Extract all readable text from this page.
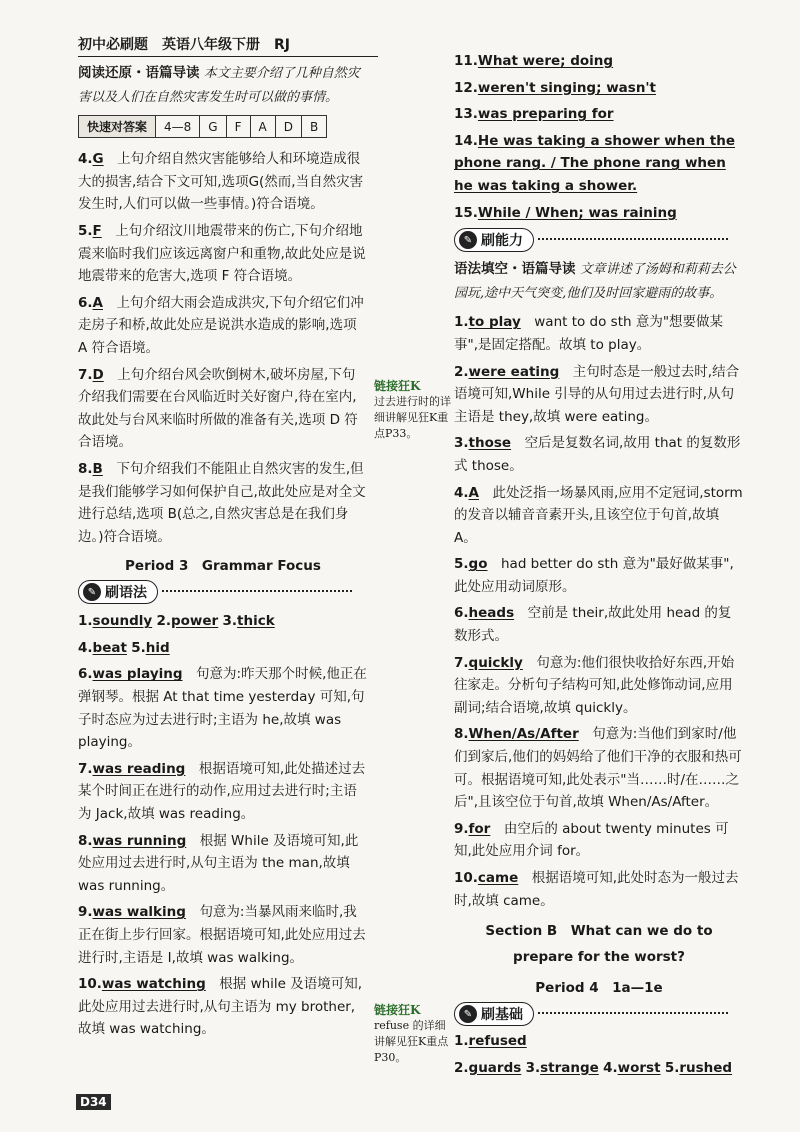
初中必刷题　英语八年级下册　RJ

阅读还原・语篇导读 本文主要介绍了几种自然灾害以及人们在自然灾害发生时可以做的事情。

快速对答案	4—8	G	F	A	D	B

4.G　 上句介绍自然灾害能够给人和环境造成很大的损害,结合下文可知,选项G(然而,当自然灾害发生时,人们可以做一些事情。)符合语境。

5.F　 上句介绍汶川地震带来的伤亡,下句介绍地震来临时我们应该远离窗户和重物,故此处应是说地震带来的危害大,选项 F 符合语境。

6.A　 上句介绍大雨会造成洪灾,下句介绍它们冲走房子和桥,故此处应是说洪水造成的影响,选项 A 符合语境。

7.D　 上句介绍台风会吹倒树木,破坏房屋,下句介绍我们需要在台风临近时关好窗户,待在室内,故此处与台风来临时所做的准备有关,选项 D 符合语境。

8.B　 下句介绍我们不能阻止自然灾害的发生,但是我们能够学习如何保护自己,故此处应是对全文进行总结,选项 B(总之,自然灾害总是在我们身边。)符合语境。

Period 3　Grammar Focus
✎ 刷语法

1.soundly 2.power 3.thick

4.beat 5.hid

6.was playing　 句意为:昨天那个时候,他正在弹钢琴。根据 At that time yesterday 可知,句子时态应为过去进行时;主语为 he,故填 was playing。

7.was reading　 根据语境可知,此处描述过去某个时间正在进行的动作,应用过去进行时;主语为 Jack,故填 was reading。

8.was running　 根据 While 及语境可知,此处应用过去进行时,从句主语为 the man,故填 was running。

9.was walking　 句意为:当暴风雨来临时,我正在街上步行回家。根据语境可知,此处应用过去进行时,主语是 I,故填 was walking。

10.was watching　 根据 while 及语境可知,此处应用过去进行时,从句主语为 my brother,故填 was watching。

链接狂K
过去进行时的详细讲解见狂K重点P33。
链接狂K
refuse 的详细讲解见狂K重点P30。

11.What were; doing

12.weren't singing; wasn't

13.was preparing for

14.He was taking a shower when the phone rang. / The phone rang when he was taking a shower.

15.While / When; was raining

✎ 刷能力

语法填空・语篇导读 文章讲述了汤姆和莉莉去公园玩,途中天气突变,他们及时回家避雨的故事。

1.to play　 want to do sth 意为"想要做某事",是固定搭配。故填 to play。

2.were eating　 主句时态是一般过去时,结合语境可知,While 引导的从句用过去进行时,从句主语是 they,故填 were eating。

3.those　 空后是复数名词,故用 that 的复数形式 those。

4.A　 此处泛指一场暴风雨,应用不定冠词,storm 的发音以辅音音素开头,且该空位于句首,故填 A。

5.go　 had better do sth 意为"最好做某事",此处应用动词原形。

6.heads　 空前是 their,故此处用 head 的复数形式。

7.quickly　 句意为:他们很快收拾好东西,开始往家走。分析句子结构可知,此处修饰动词,应用副词;结合语境,故填 quickly。

8.When/As/After　 句意为:当他们到家时/他们到家后,他们的妈妈给了他们干净的衣服和热可可。根据语境可知,此处表示"当……时/在……之后",且该空位于句首,故填 When/As/After。

9.for　 由空后的 about twenty minutes 可知,此处应用介词 for。

10.came　 根据语境可知,此处时态为一般过去时,故填 came。

Section B　What can we do to prepare for the worst?
Period 4　1a—1e
✎ 刷基础

1.refused

2.guards 3.strange 4.worst 5.rushed

D34
